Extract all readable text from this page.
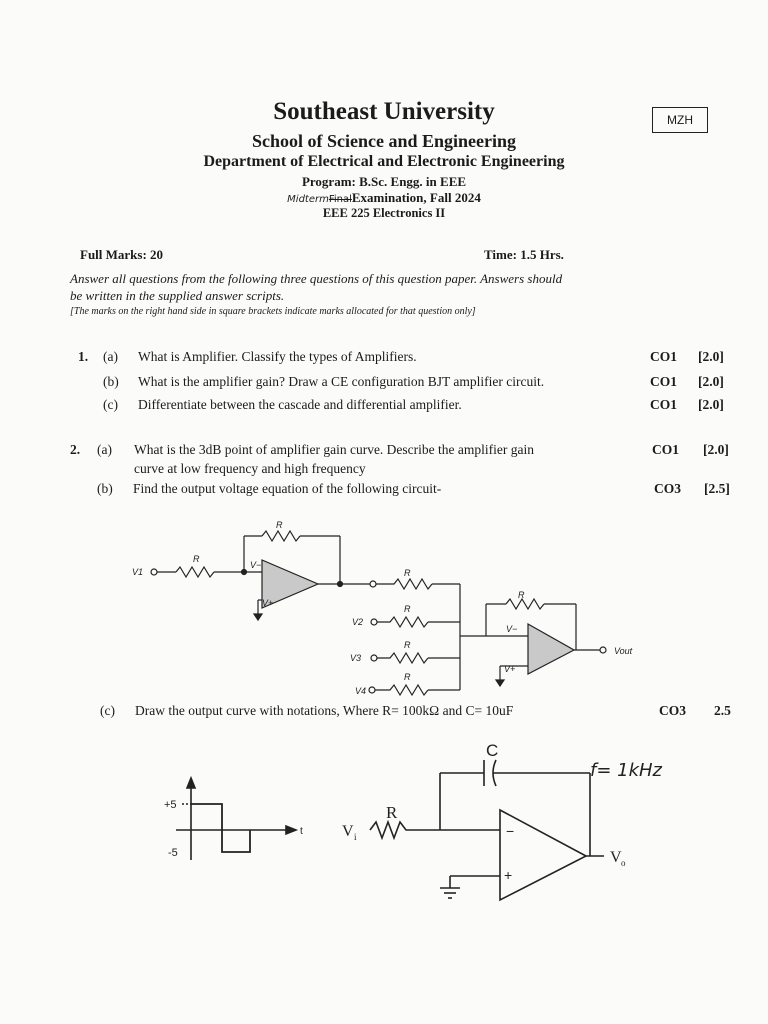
Southeast University
School of Science and Engineering
Department of Electrical and Electronic Engineering
Program: B.Sc. Engg. in EEE
MidtermFinalExamination, Fall 2024
EEE 225 Electronics II
MZH
Full Marks: 20	Time: 1.5 Hrs.
Answer all questions from the following three questions of this question paper. Answers should
be written in the supplied answer scripts.
[The marks on the right hand side in square brackets indicate marks allocated for that question only]
1. (a) What is Amplifier. Classify the types of Amplifiers.	CO1 [2.0]
(b) What is the amplifier gain? Draw a CE configuration BJT amplifier circuit.	CO1 [2.0]
(c) Differentiate between the cascade and differential amplifier.	CO1 [2.0]
2. (a) What is the 3dB point of amplifier gain curve. Describe the amplifier gain
curve at low frequency and high frequency
CO1 [2.0]
(b) Find the output voltage equation of the following circuit-	CO3 [2.5]
(c) Draw the output curve with notations, Where R= 100kΩ and C= 10uF	CO3 2.5
V1
R
R
V−
V+
R
R
R
R
V2
V3
V4
R
V−
V+
Vout
C
R
V i
V o
−
+
+5
-5
t
f= 1kHz
